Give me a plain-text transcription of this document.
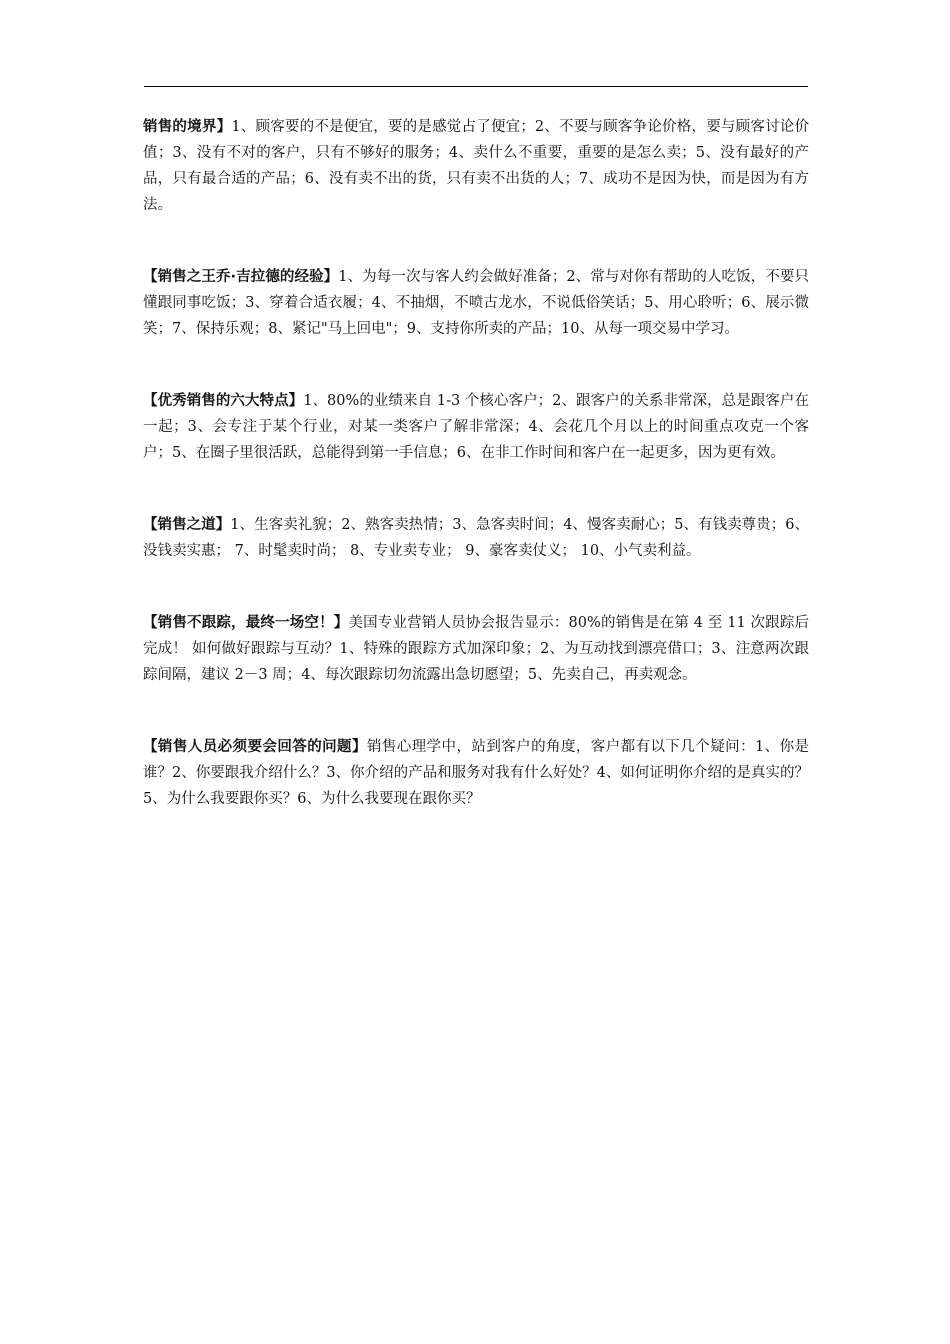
销售的境界】1、顾客要的不是便宜，要的是感觉占了便宜；2、不要与顾客争论价格，要与顾客讨论价值；3、没有不对的客户，只有不够好的服务；4、卖什么不重要，重要的是怎么卖；5、没有最好的产品，只有最合适的产品；6、没有卖不出的货，只有卖不出货的人；7、成功不是因为快，而是因为有方法。

【销售之王乔·吉拉德的经验】1、为每一次与客人约会做好准备；2、常与对你有帮助的人吃饭，不要只懂跟同事吃饭；3、穿着合适衣履；4、不抽烟，不喷古龙水，不说低俗笑话；5、用心聆听；6、展示微笑；7、保持乐观；8、紧记"马上回电"；9、支持你所卖的产品；10、从每一项交易中学习。

【优秀销售的六大特点】1、80%的业绩来自 1-3 个核心客户；2、跟客户的关系非常深，总是跟客户在一起；3、会专注于某个行业，对某一类客户了解非常深；4、会花几个月以上的时间重点攻克一个客户；5、在圈子里很活跃，总能得到第一手信息；6、在非工作时间和客户在一起更多，因为更有效。

【销售之道】1、生客卖礼貌；2、熟客卖热情；3、急客卖时间；4、慢客卖耐心；5、有钱卖尊贵；6、没钱卖实惠； 7、时髦卖时尚； 8、专业卖专业； 9、豪客卖仗义； 10、小气卖利益。

【销售不跟踪，最终一场空！】美国专业营销人员协会报告显示：80%的销售是在第 4 至 11 次跟踪后完成！ 如何做好跟踪与互动？1、特殊的跟踪方式加深印象；2、为互动找到漂亮借口；3、注意两次跟踪间隔，建议 2－3 周；4、每次跟踪切勿流露出急切愿望；5、先卖自己，再卖观念。

【销售人员必须要会回答的问题】销售心理学中，站到客户的角度，客户都有以下几个疑问：1、你是谁？2、你要跟我介绍什么？3、你介绍的产品和服务对我有什么好处？4、如何证明你介绍的是真实的？5、为什么我要跟你买？6、为什么我要现在跟你买？
